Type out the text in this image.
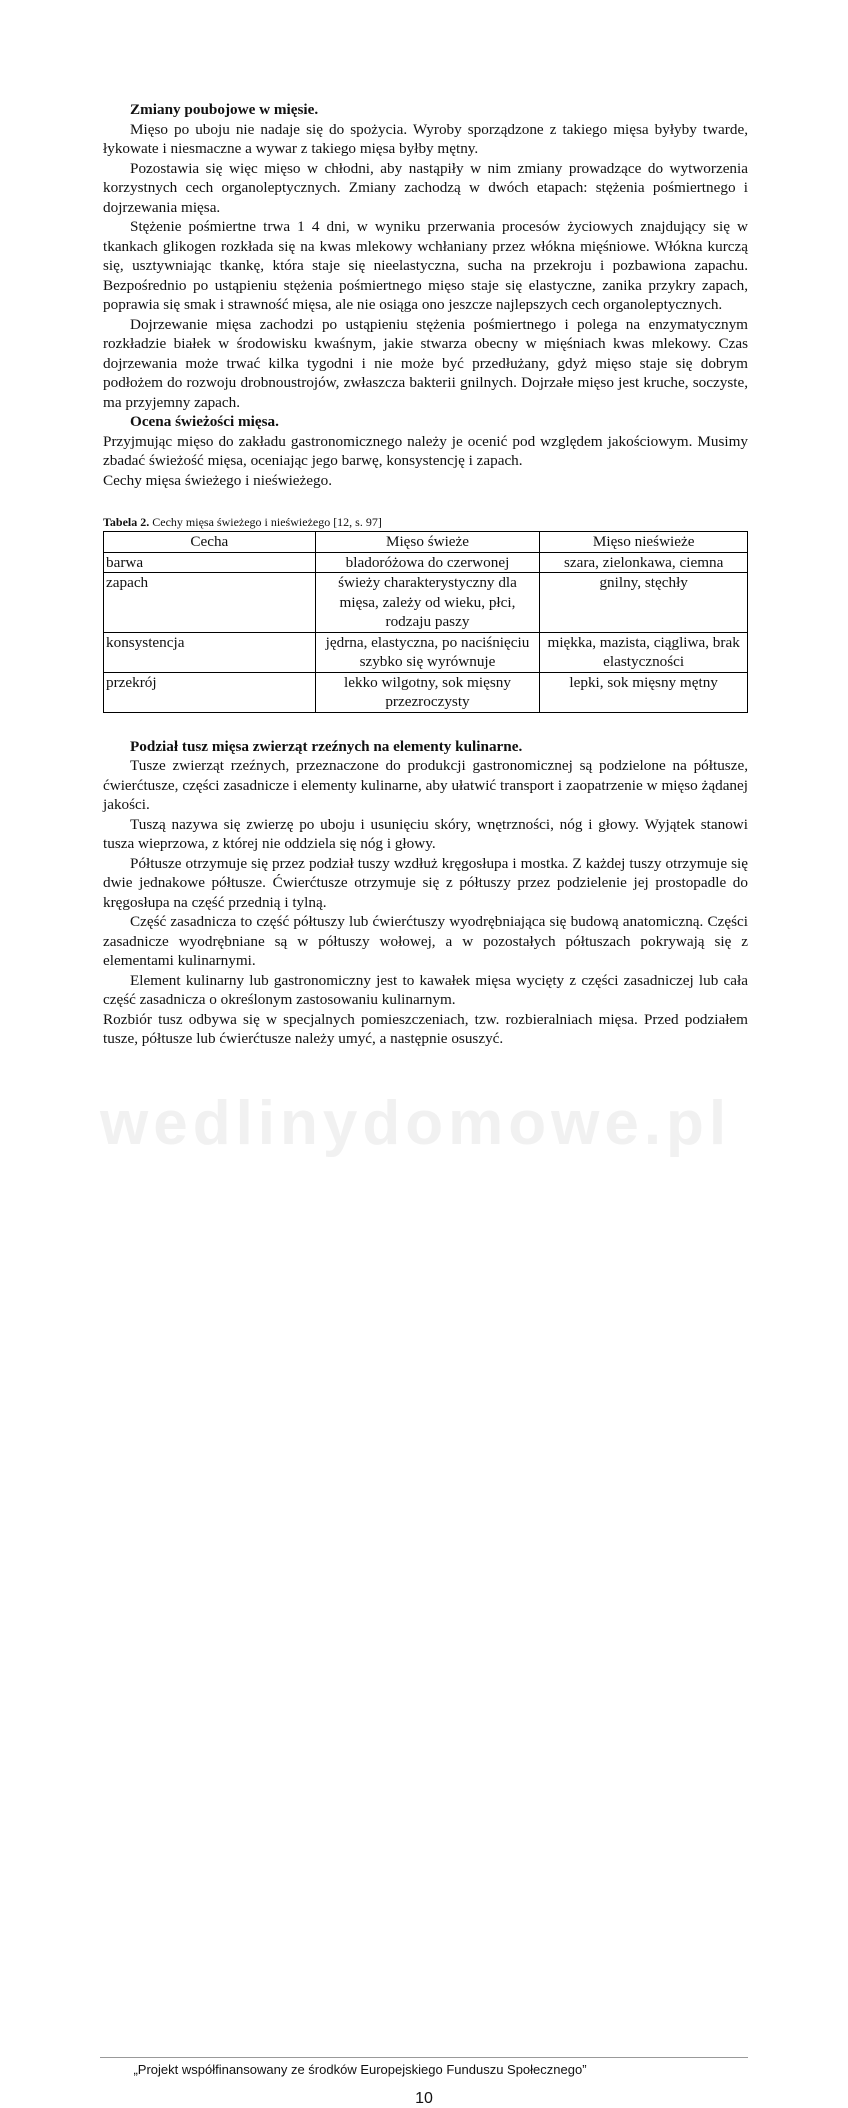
wedlinydomowe.pl

Zmiany poubojowe w mięsie.

Mięso po uboju nie nadaje się do spożycia. Wyroby sporządzone z takiego mięsa byłyby twarde, łykowate i niesmaczne a wywar z takiego mięsa byłby mętny.

Pozostawia się więc mięso w chłodni, aby nastąpiły w nim zmiany prowadzące do wytworzenia korzystnych cech organoleptycznych. Zmiany zachodzą w dwóch etapach: stężenia pośmiertnego i dojrzewania mięsa.

Stężenie pośmiertne trwa 1 4 dni, w wyniku przerwania procesów życiowych znajdujący się w tkankach glikogen rozkłada się na kwas mlekowy wchłaniany przez włókna mięśniowe. Włókna kurczą się, usztywniając tkankę, która staje się nieelastyczna, sucha na przekroju i pozbawiona zapachu. Bezpośrednio po ustąpieniu stężenia pośmiertnego mięso staje się elastyczne, zanika przykry zapach, poprawia się smak i strawność mięsa, ale nie osiąga ono jeszcze najlepszych cech organoleptycznych.

Dojrzewanie mięsa zachodzi po ustąpieniu stężenia pośmiertnego i polega na enzymatycznym rozkładzie białek w środowisku kwaśnym, jakie stwarza obecny w mięśniach kwas mlekowy. Czas dojrzewania może trwać kilka tygodni i nie może być przedłużany, gdyż mięso staje się dobrym podłożem do rozwoju drobnoustrojów, zwłaszcza bakterii gnilnych. Dojrzałe mięso jest kruche, soczyste, ma przyjemny zapach.

Ocena świeżości mięsa.

Przyjmując mięso do zakładu gastronomicznego należy je ocenić pod względem jakościowym. Musimy zbadać świeżość mięsa, oceniając jego barwę, konsystencję i zapach.

Cechy mięsa świeżego i nieświeżego.

Tabela 2. Cechy mięsa świeżego i nieświeżego [12, s. 97]
Cecha	Mięso świeże	Mięso nieświeże
barwa	bladoróżowa do czerwonej	szara, zielonkawa, ciemna
zapach	świeży charakterystyczny dla mięsa, zależy od wieku, płci, rodzaju paszy	gnilny, stęchły
konsystencja	jędrna, elastyczna, po naciśnięciu szybko się wyrównuje	miękka, mazista, ciągliwa, brak elastyczności
przekrój	lekko wilgotny, sok mięsny przezroczysty	lepki, sok mięsny mętny

Podział tusz mięsa zwierząt rzeźnych na elementy kulinarne.

Tusze zwierząt rzeźnych, przeznaczone do produkcji gastronomicznej są podzielone na półtusze, ćwierćtusze, części zasadnicze i elementy kulinarne, aby ułatwić transport i zaopatrzenie w mięso żądanej jakości.

Tuszą nazywa się zwierzę po uboju i usunięciu skóry, wnętrzności, nóg i głowy. Wyjątek stanowi tusza wieprzowa, z której nie oddziela się nóg i głowy.

Półtusze otrzymuje się przez podział tuszy wzdłuż kręgosłupa i mostka. Z każdej tuszy otrzymuje się dwie jednakowe półtusze. Ćwierćtusze otrzymuje się z półtuszy przez podzielenie jej prostopadle do kręgosłupa na część przednią i tylną.

Część zasadnicza to część półtuszy lub ćwierćtuszy wyodrębniająca się budową anatomiczną. Części zasadnicze wyodrębniane są w półtuszy wołowej, a w pozostałych półtuszach pokrywają się z elementami kulinarnymi.

Element kulinarny lub gastronomiczny jest to kawałek mięsa wycięty z części zasadniczej lub cała część zasadnicza o określonym zastosowaniu kulinarnym.

Rozbiór tusz odbywa się w specjalnych pomieszczeniach, tzw. rozbieralniach mięsa. Przed podziałem tusze, półtusze lub ćwierćtusze należy umyć, a następnie osuszyć.

„Projekt współfinansowany ze środków Europejskiego Funduszu Społecznego”
10
